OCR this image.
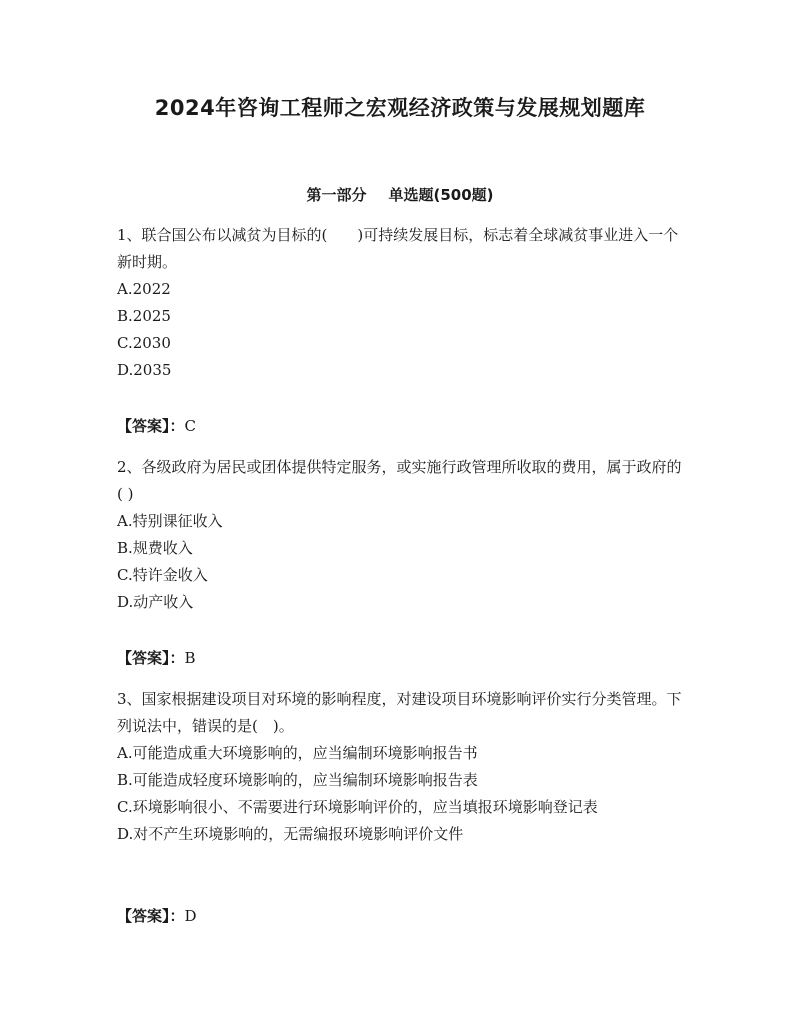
2024年咨询工程师之宏观经济政策与发展规划题库
第一部分 单选题(500题)

1、联合国公布以减贫为目标的(　　)可持续发展目标，标志着全球减贫事业进入一个新时期。

A.2022

B.2025

C.2030

D.2035

【答案】：C

2、各级政府为居民或团体提供特定服务，或实施行政管理所收取的费用，属于政府的( )

A.特别课征收入

B.规费收入

C.特许金收入

D.动产收入

【答案】：B

3、国家根据建设项目对环境的影响程度，对建设项目环境影响评价实行分类管理。下列说法中，错误的是(　)。

A.可能造成重大环境影响的，应当编制环境影响报告书

B.可能造成轻度环境影响的，应当编制环境影响报告表

C.环境影响很小、不需要进行环境影响评价的，应当填报环境影响登记表

D.对不产生环境影响的，无需编报环境影响评价文件

【答案】：D
